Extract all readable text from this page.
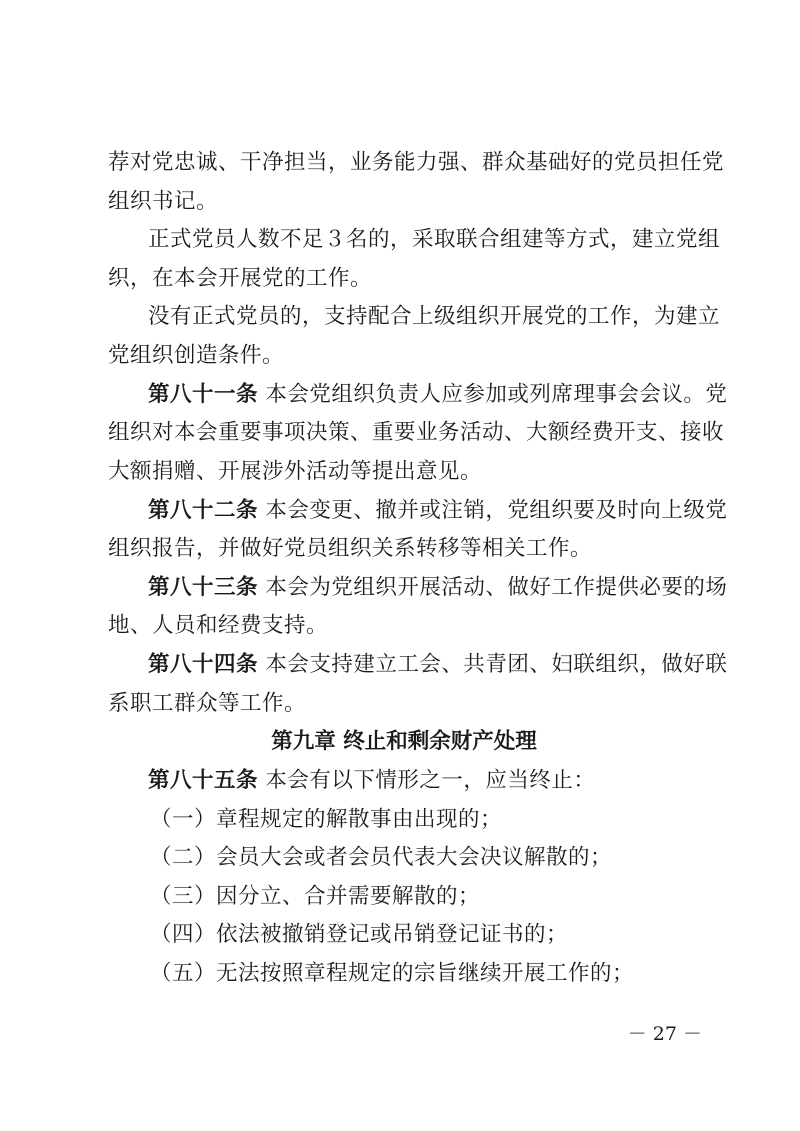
荐对党忠诚、干净担当，业务能力强、群众基础好的党员担任党
组织书记。
正式党员人数不足３名的，采取联合组建等方式，建立党组
织，在本会开展党的工作。
没有正式党员的，支持配合上级组织开展党的工作，为建立
党组织创造条件。
第八十一条 本会党组织负责人应参加或列席理事会会议。党
组织对本会重要事项决策、重要业务活动、大额经费开支、接收
大额捐赠、开展涉外活动等提出意见。
第八十二条 本会变更、撤并或注销，党组织要及时向上级党
组织报告，并做好党员组织关系转移等相关工作。
第八十三条 本会为党组织开展活动、做好工作提供必要的场
地、人员和经费支持。
第八十四条 本会支持建立工会、共青团、妇联组织，做好联
系职工群众等工作。
第九章 终止和剩余财产处理
第八十五条 本会有以下情形之一，应当终止：
（一）章程规定的解散事由出现的；
（二）会员大会或者会员代表大会决议解散的；
（三）因分立、合并需要解散的；
（四）依法被撤销登记或吊销登记证书的；
（五）无法按照章程规定的宗旨继续开展工作的；
－ 27 －
